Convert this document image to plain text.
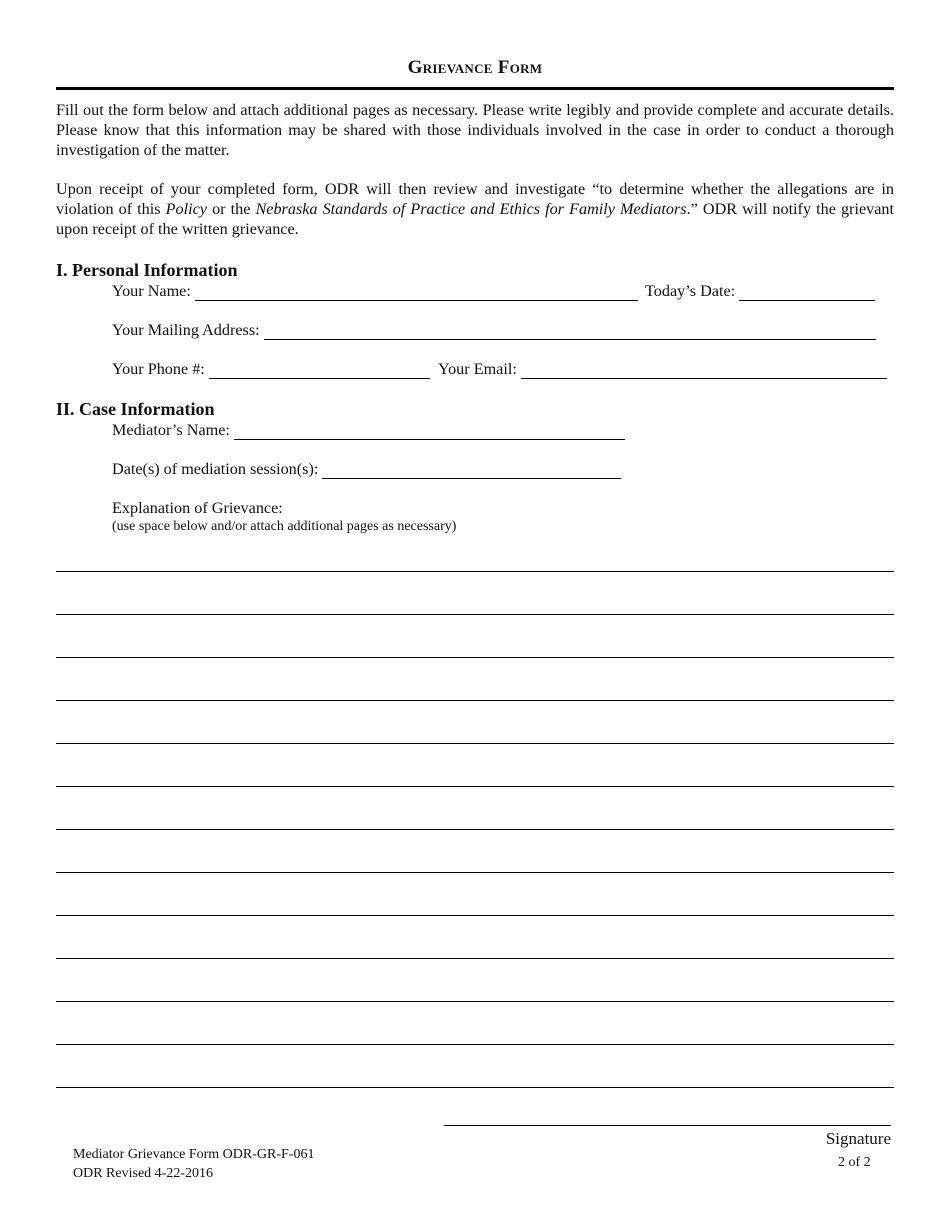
Grievance Form

Fill out the form below and attach additional pages as necessary. Please write legibly and provide complete and accurate details. Please know that this information may be shared with those individuals involved in the case in order to conduct a thorough investigation of the matter.

Upon receipt of your completed form, ODR will then review and investigate “to determine whether the allegations are in violation of this Policy or the Nebraska Standards of Practice and Ethics for Family Mediators.” ODR will notify the grievant upon receipt of the written grievance.

I. Personal Information
Your Name:	Today’s Date:
Your Mailing Address:
Your Phone #:	Your Email:
II. Case Information
Mediator’s Name:
Date(s) of mediation session(s):
Explanation of Grievance:
(use space below and/or attach additional pages as necessary)
Signature
2 of 2
Mediator Grievance Form ODR-GR-F-061
ODR Revised 4-22-2016
